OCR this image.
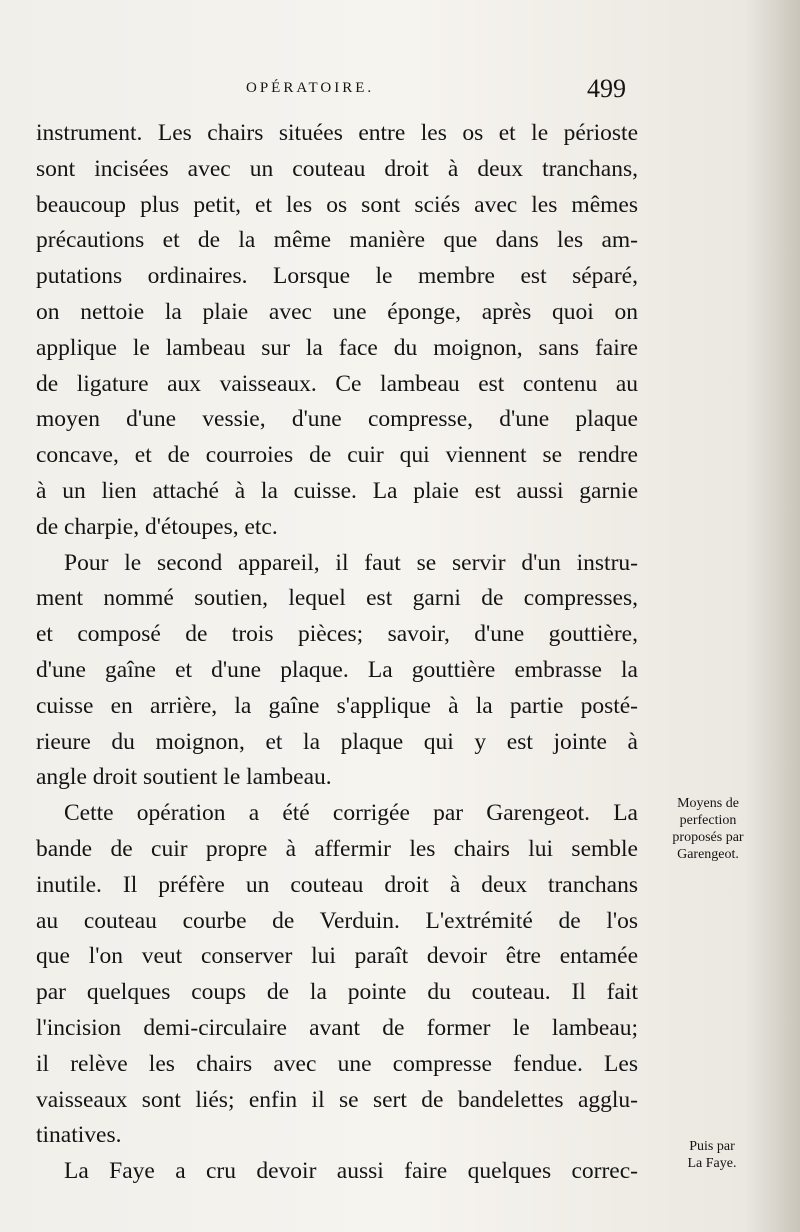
OPÉRATOIRE.	499
instrument. Les chairs situées entre les os et le périoste
sont incisées avec un couteau droit à deux tranchans,
beaucoup plus petit, et les os sont sciés avec les mêmes
précautions et de la même manière que dans les am-
putations ordinaires. Lorsque le membre est séparé,
on nettoie la plaie avec une éponge, après quoi on
applique le lambeau sur la face du moignon, sans faire
de ligature aux vaisseaux. Ce lambeau est contenu au
moyen d'une vessie, d'une compresse, d'une plaque
concave, et de courroies de cuir qui viennent se rendre
à un lien attaché à la cuisse. La plaie est aussi garnie
de charpie, d'étoupes, etc.
Pour le second appareil, il faut se servir d'un instru-
ment nommé soutien, lequel est garni de compresses,
et composé de trois pièces; savoir, d'une gouttière,
d'une gaîne et d'une plaque. La gouttière embrasse la
cuisse en arrière, la gaîne s'applique à la partie posté-
rieure du moignon, et la plaque qui y est jointe à
angle droit soutient le lambeau.
Cette opération a été corrigée par Garengeot. La
bande de cuir propre à affermir les chairs lui semble
inutile. Il préfère un couteau droit à deux tranchans
au couteau courbe de Verduin. L'extrémité de l'os
que l'on veut conserver lui paraît devoir être entamée
par quelques coups de la pointe du couteau. Il fait
l'incision demi-circulaire avant de former le lambeau;
il relève les chairs avec une compresse fendue. Les
vaisseaux sont liés; enfin il se sert de bandelettes agglu-
tinatives.
La Faye a cru devoir aussi faire quelques correc-
Moyens de
perfection
proposés par
Garengeot.
Puis par
La Faye.
